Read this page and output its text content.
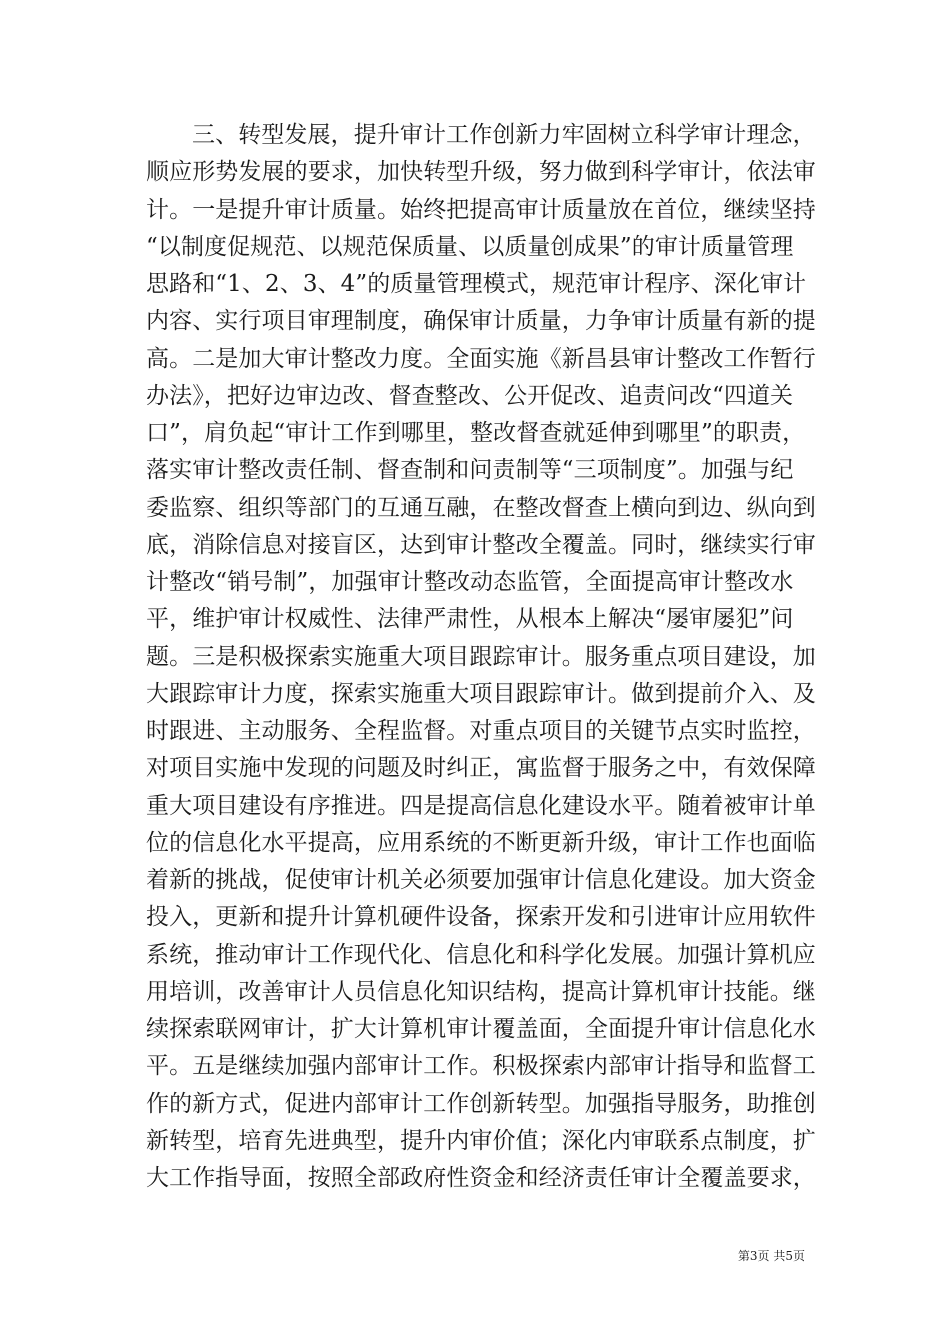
三、转型发展，提升审计工作创新力牢固树立科学审计理念，
顺应形势发展的要求，加快转型升级，努力做到科学审计，依法审
计。一是提升审计质量。始终把提高审计质量放在首位，继续坚持
“以制度促规范、以规范保质量、以质量创成果”的审计质量管理
思路和“1、2、3、4”的质量管理模式，规范审计程序、深化审计
内容、实行项目审理制度，确保审计质量，力争审计质量有新的提
高。二是加大审计整改力度。全面实施《新昌县审计整改工作暂行
办法》，把好边审边改、督查整改、公开促改、追责问改“四道关
口”，肩负起“审计工作到哪里，整改督查就延伸到哪里”的职责，
落实审计整改责任制、督查制和问责制等“三项制度”。加强与纪
委监察、组织等部门的互通互融，在整改督查上横向到边、纵向到
底，消除信息对接盲区，达到审计整改全覆盖。同时，继续实行审
计整改“销号制”，加强审计整改动态监管，全面提高审计整改水
平，维护审计权威性、法律严肃性，从根本上解决“屡审屡犯”问
题。三是积极探索实施重大项目跟踪审计。服务重点项目建设，加
大跟踪审计力度，探索实施重大项目跟踪审计。做到提前介入、及
时跟进、主动服务、全程监督。对重点项目的关键节点实时监控，
对项目实施中发现的问题及时纠正，寓监督于服务之中，有效保障
重大项目建设有序推进。四是提高信息化建设水平。随着被审计单
位的信息化水平提高，应用系统的不断更新升级，审计工作也面临
着新的挑战，促使审计机关必须要加强审计信息化建设。加大资金
投入，更新和提升计算机硬件设备，探索开发和引进审计应用软件
系统，推动审计工作现代化、信息化和科学化发展。加强计算机应
用培训，改善审计人员信息化知识结构，提高计算机审计技能。继
续探索联网审计，扩大计算机审计覆盖面，全面提升审计信息化水
平。五是继续加强内部审计工作。积极探索内部审计指导和监督工
作的新方式，促进内部审计工作创新转型。加强指导服务，助推创
新转型，培育先进典型，提升内审价值；深化内审联系点制度，扩
大工作指导面，按照全部政府性资金和经济责任审计全覆盖要求，
第3页 共5页
